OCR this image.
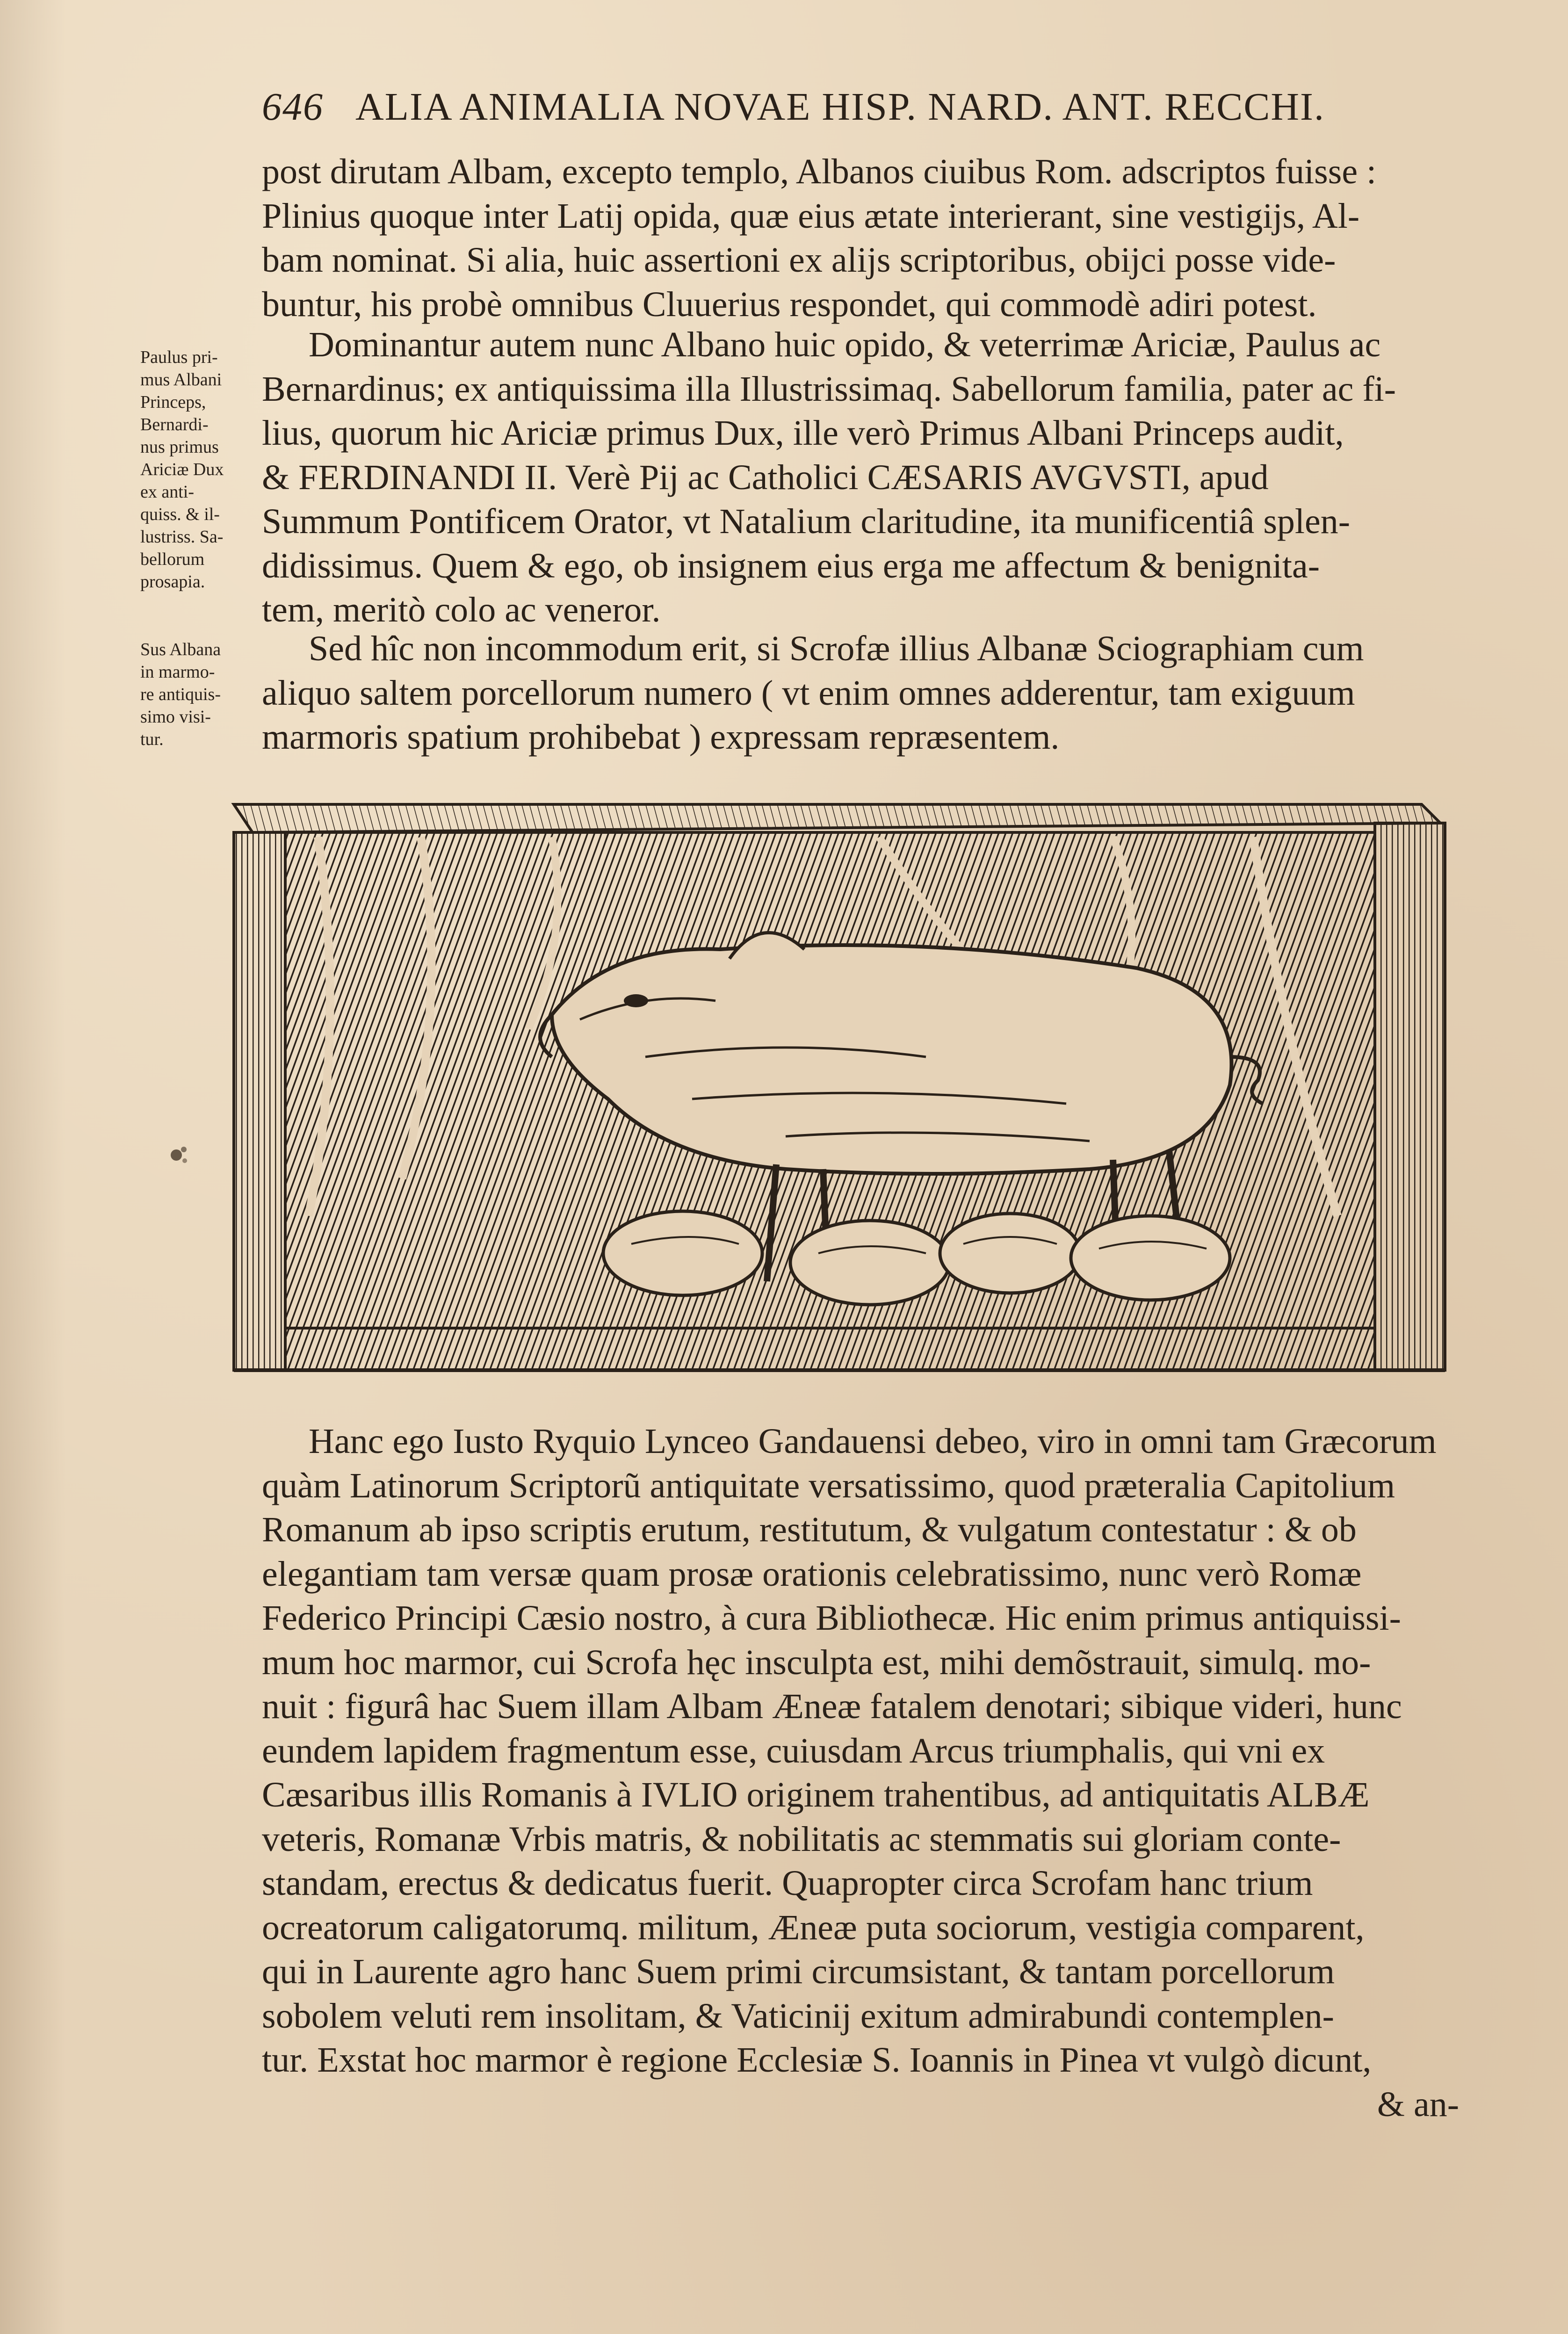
646 ALIA ANIMALIA NOVAE HISP. NARD. ANT. RECCHI.
post dirutam Albam, excepto templo, Albanos ciuibus Rom. adscriptos fuisse :
Plinius quoque inter Latij opida, quæ eius ætate interierant, sine vestigijs, Al-
bam nominat. Si alia, huic assertioni ex alijs scriptoribus, obijci posse vide-
buntur, his probè omnibus Cluuerius respondet, qui commodè adiri potest.
Dominantur autem nunc Albano huic opido, & veterrimæ Ariciæ, Paulus ac
Bernardinus; ex antiquissima illa Illustrissimaq. Sabellorum familia, pater ac fi-
lius, quorum hic Ariciæ primus Dux, ille verò Primus Albani Princeps audit,
& FERDINANDI II. Verè Pij ac Catholici CÆSARIS AVGVSTI, apud
Summum Pontificem Orator, vt Natalium claritudine, ita munificentiâ splen-
didissimus. Quem & ego, ob insignem eius erga me affectum & benignita-
tem, meritò colo ac veneror.
Paulus pri-
mus Albani
Princeps,
Bernardi-
nus primus
Ariciæ Dux
ex anti-
quiss. & il-
lustriss. Sa-
bellorum
prosapia.
Sed hîc non incommodum erit, si Scrofæ illius Albanæ Sciographiam cum
aliquo saltem porcellorum numero ( vt enim omnes adderentur, tam exiguum
marmoris spatium prohibebat ) expressam repræsentem.
Sus Albana
in marmo-
re antiquis-
simo visi-
tur.
Hanc ego Iusto Ryquio Lynceo Gandauensi debeo, viro in omni tam Græcorum
quàm Latinorum Scriptorũ antiquitate versatissimo, quod præteralia Capitolium
Romanum ab ipso scriptis erutum, restitutum, & vulgatum contestatur : & ob
elegantiam tam versæ quam prosæ orationis celebratissimo, nunc verò Romæ
Federico Principi Cæsio nostro, à cura Bibliothecæ. Hic enim primus antiquissi-
mum hoc marmor, cui Scrofa hęc insculpta est, mihi demõstrauit, simulq. mo-
nuit : figurâ hac Suem illam Albam Æneæ fatalem denotari; sibique videri, hunc
eundem lapidem fragmentum esse, cuiusdam Arcus triumphalis, qui vni ex
Cæsaribus illis Romanis à IVLIO originem trahentibus, ad antiquitatis ALBÆ
veteris, Romanæ Vrbis matris, & nobilitatis ac stemmatis sui gloriam conte-
standam, erectus & dedicatus fuerit. Quapropter circa Scrofam hanc trium
ocreatorum caligatorumq. militum, Æneæ puta sociorum, vestigia comparent,
qui in Laurente agro hanc Suem primi circumsistant, & tantam porcellorum
sobolem veluti rem insolitam, & Vaticinij exitum admirabundi contemplen-
tur. Exstat hoc marmor è regione Ecclesiæ S. Ioannis in Pinea vt vulgò dicunt,
& an-
